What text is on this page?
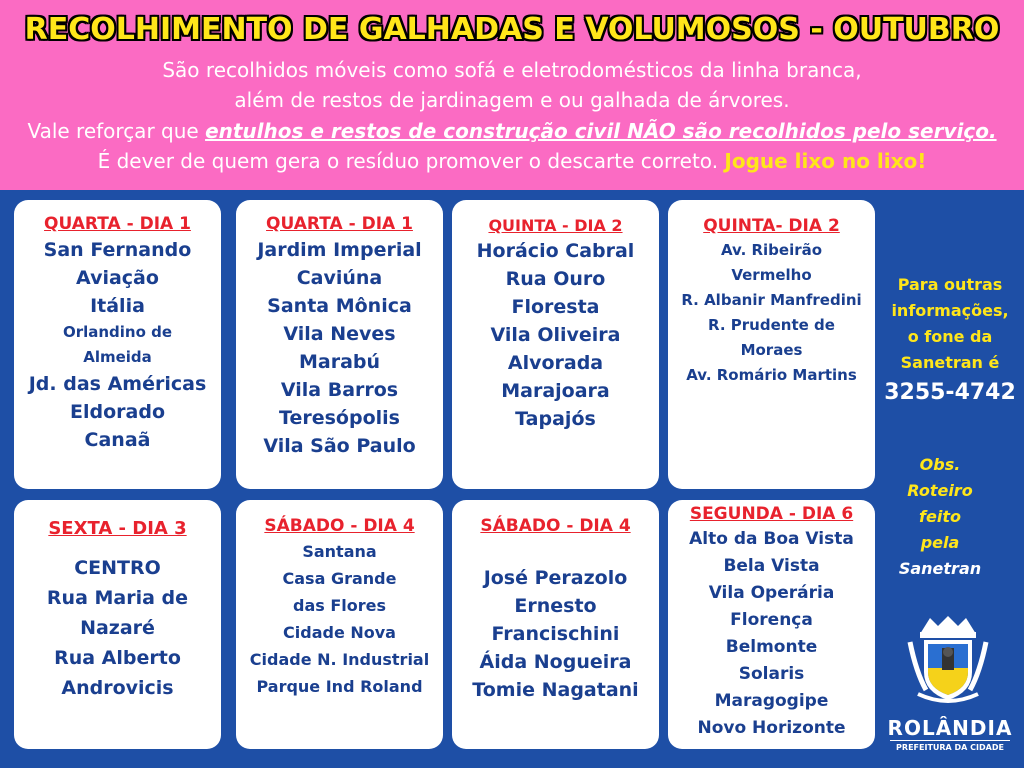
RECOLHIMENTO DE GALHADAS E VOLUMOSOS - OUTUBRO
São recolhidos móveis como sofá e eletrodomésticos da linha branca,
além de restos de jardinagem e ou galhada de árvores.
Vale reforçar que entulhos e restos de construção civil NÃO são recolhidos pelo serviço.
É dever de quem gera o resíduo promover o descarte correto. Jogue lixo no lixo!
QUARTA - DIA 1
San Fernando
Aviação
Itália
Orlandino de
Almeida
Jd. das Américas
Eldorado
Canaã
QUARTA - DIA 1
Jardim Imperial
Caviúna
Santa Mônica
Vila Neves
Marabú
Vila Barros
Teresópolis
Vila São Paulo
QUINTA - DIA 2
Horácio Cabral
Rua Ouro
Floresta
Vila Oliveira
Alvorada
Marajoara
Tapajós
QUINTA- DIA 2
Av. Ribeirão
Vermelho
R. Albanir Manfredini
R. Prudente de
Moraes
Av. Romário Martins
SEXTA - DIA 3
CENTRO
Rua Maria de
Nazaré
Rua Alberto
Androvicis
SÁBADO - DIA 4
Santana
Casa Grande
das Flores
Cidade Nova
Cidade N. Industrial
Parque Ind Roland
SÁBADO - DIA 4
José Perazolo
Ernesto
Francischini
Áida Nogueira
Tomie Nagatani
SEGUNDA - DIA 6
Alto da Boa Vista
Bela Vista
Vila Operária
Florença
Belmonte
Solaris
Maragogipe
Novo Horizonte
Para outras
informações,
o fone da
Sanetran é
3255-4742
Obs.
Roteiro
feito
pela
Sanetran
ROLÂNDIA
PREFEITURA DA CIDADE
